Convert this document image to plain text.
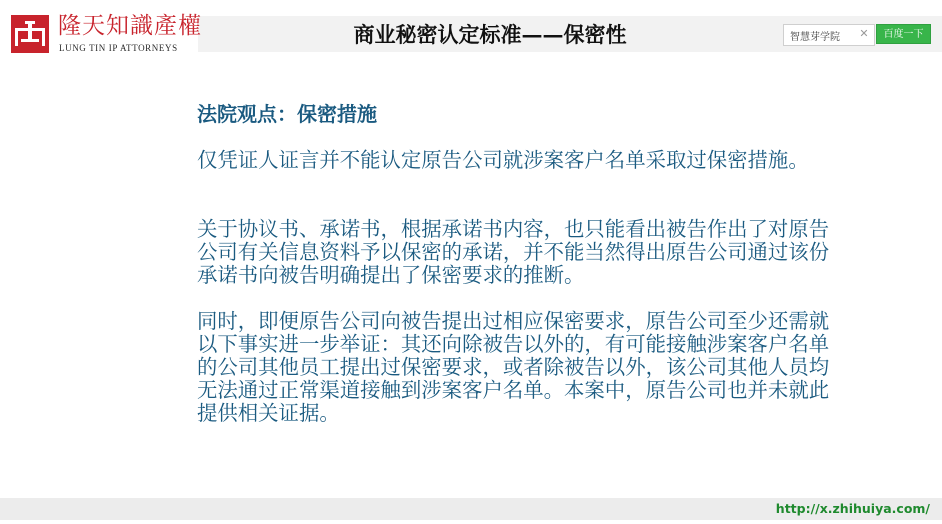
隆天知識產權
LUNG TIN IP ATTORNEYS
商业秘密认定标准——保密性
智慧芽学院	✕	百度一下
法院观点：保密措施

仅凭证人证言并不能认定原告公司就涉案客户名单采取过保密措施。

关于协议书、承诺书，根据承诺书内容，也只能看出被告作出了对原告公司有关信息资料予以保密的承诺，并不能当然得出原告公司通过该份承诺书向被告明确提出了保密要求的推断。

同时，即便原告公司向被告提出过相应保密要求，原告公司至少还需就以下事实进一步举证：其还向除被告以外的，有可能接触涉案客户名单的公司其他员工提出过保密要求，或者除被告以外，该公司其他人员均无法通过正常渠道接触到涉案客户名单。本案中，原告公司也并未就此提供相关证据。

http://x.zhihuiya.com/
